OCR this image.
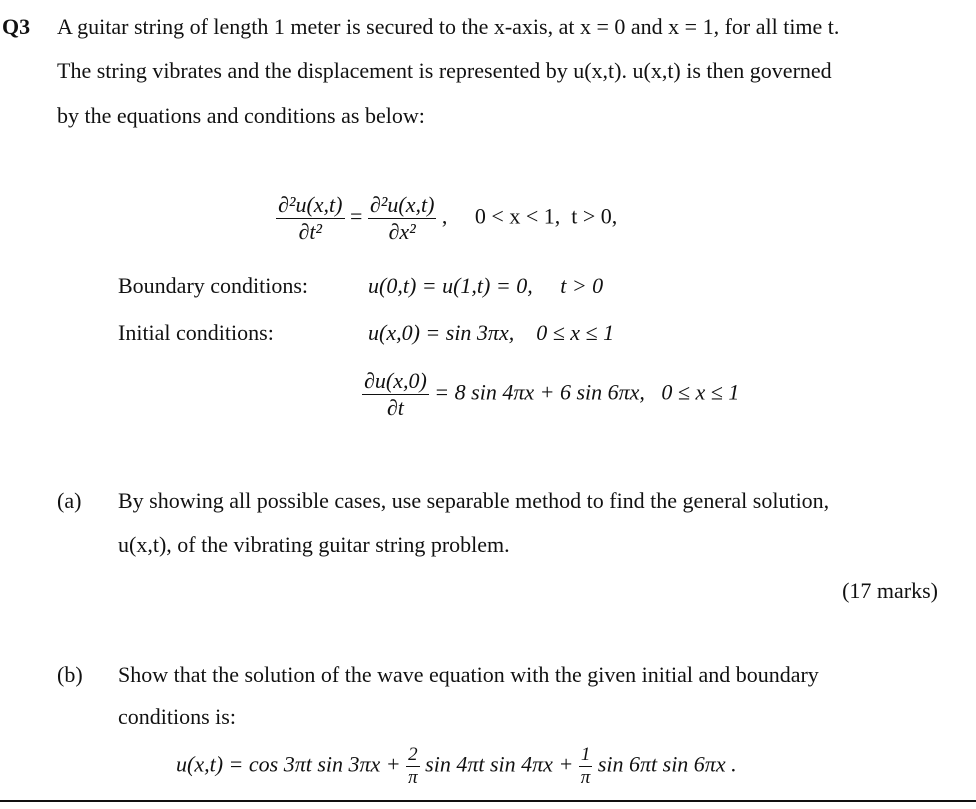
Q3 A guitar string of length 1 meter is secured to the x-axis, at x = 0 and x = 1, for all time t.
The string vibrates and the displacement is represented by u(x,t). u(x,t) is then governed
by the equations and conditions as below:
$\frac{\text{∂²u(x,t)}}{\text{∂t²}} = \frac{\text{∂²u(x,t)}}{\text{∂x²}}$ ,     0 < x < 1,  t > 0,
Boundary conditions:	u(0,t) = u(1,t) = 0,     t > 0
Initial conditions:	u(x,0) = sin 3πx,    0 ≤ x ≤ 1
$\frac{\partial u(x,0)}{\partial t} = 8$ sin 4πx + 6 sin 6πx,   0 ≤ x ≤ 1
(a) By showing all possible cases, use separable method to find the general solution,
u(x,t), of the vibrating guitar string problem.
(17 marks)
(b) Show that the solution of the wave equation with the given initial and boundary
conditions is:
u(x,t) = cos 3πt $\sin 3\pi x + \frac{2}{\pi}$ sin 4πt $\sin 4\pi x + \frac{1}{\pi}$ sin 6πt sin 6πx .
